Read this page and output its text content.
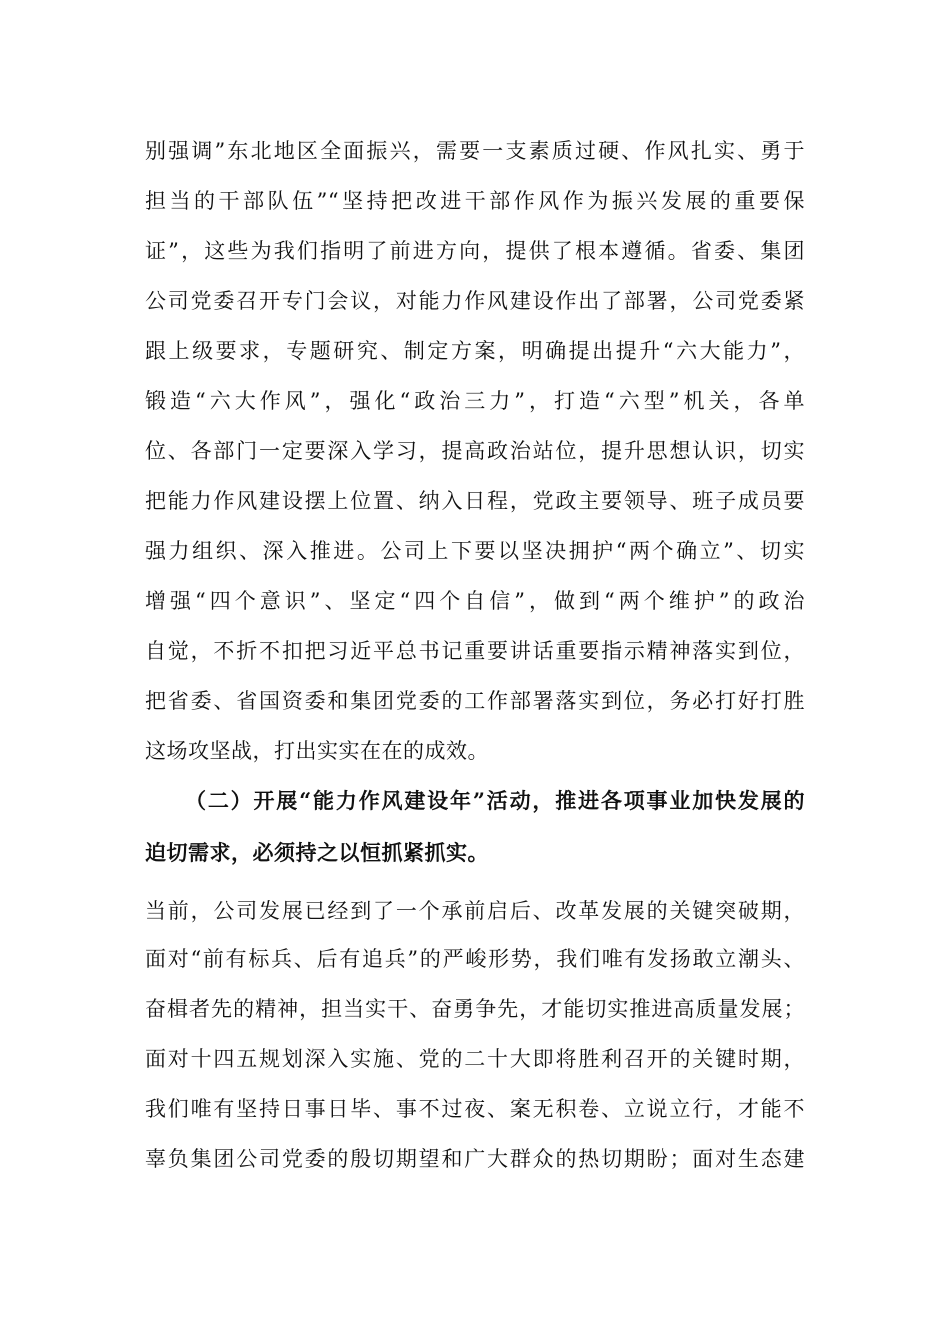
别强调”东北地区全面振兴，需要一支素质过硬、作风扎实、勇于
担当的干部队伍”“坚持把改进干部作风作为振兴发展的重要保
证”，这些为我们指明了前进方向，提供了根本遵循。省委、集团
公司党委召开专门会议，对能力作风建设作出了部署，公司党委紧
跟上级要求，专题研究、制定方案，明确提出提升“六大能力”，
锻造“六大作风”，强化“政治三力”，打造“六型”机关，各单
位、各部门一定要深入学习，提高政治站位，提升思想认识，切实
把能力作风建设摆上位置、纳入日程，党政主要领导、班子成员要
强力组织、深入推进。公司上下要以坚决拥护“两个确立”、切实
增强“四个意识”、坚定“四个自信”，做到“两个维护”的政治
自觉，不折不扣把习近平总书记重要讲话重要指示精神落实到位，
把省委、省国资委和集团党委的工作部署落实到位，务必打好打胜
这场攻坚战，打出实实在在的成效。
（二）开展“能力作风建设年”活动，推进各项事业加快发展的
迫切需求，必须持之以恒抓紧抓实。
当前，公司发展已经到了一个承前启后、改革发展的关键突破期，
面对“前有标兵、后有追兵”的严峻形势，我们唯有发扬敢立潮头、
奋楫者先的精神，担当实干、奋勇争先，才能切实推进高质量发展；
面对十四五规划深入实施、党的二十大即将胜利召开的关键时期，
我们唯有坚持日事日毕、事不过夜、案无积卷、立说立行，才能不
辜负集团公司党委的殷切期望和广大群众的热切期盼；面对生态建
